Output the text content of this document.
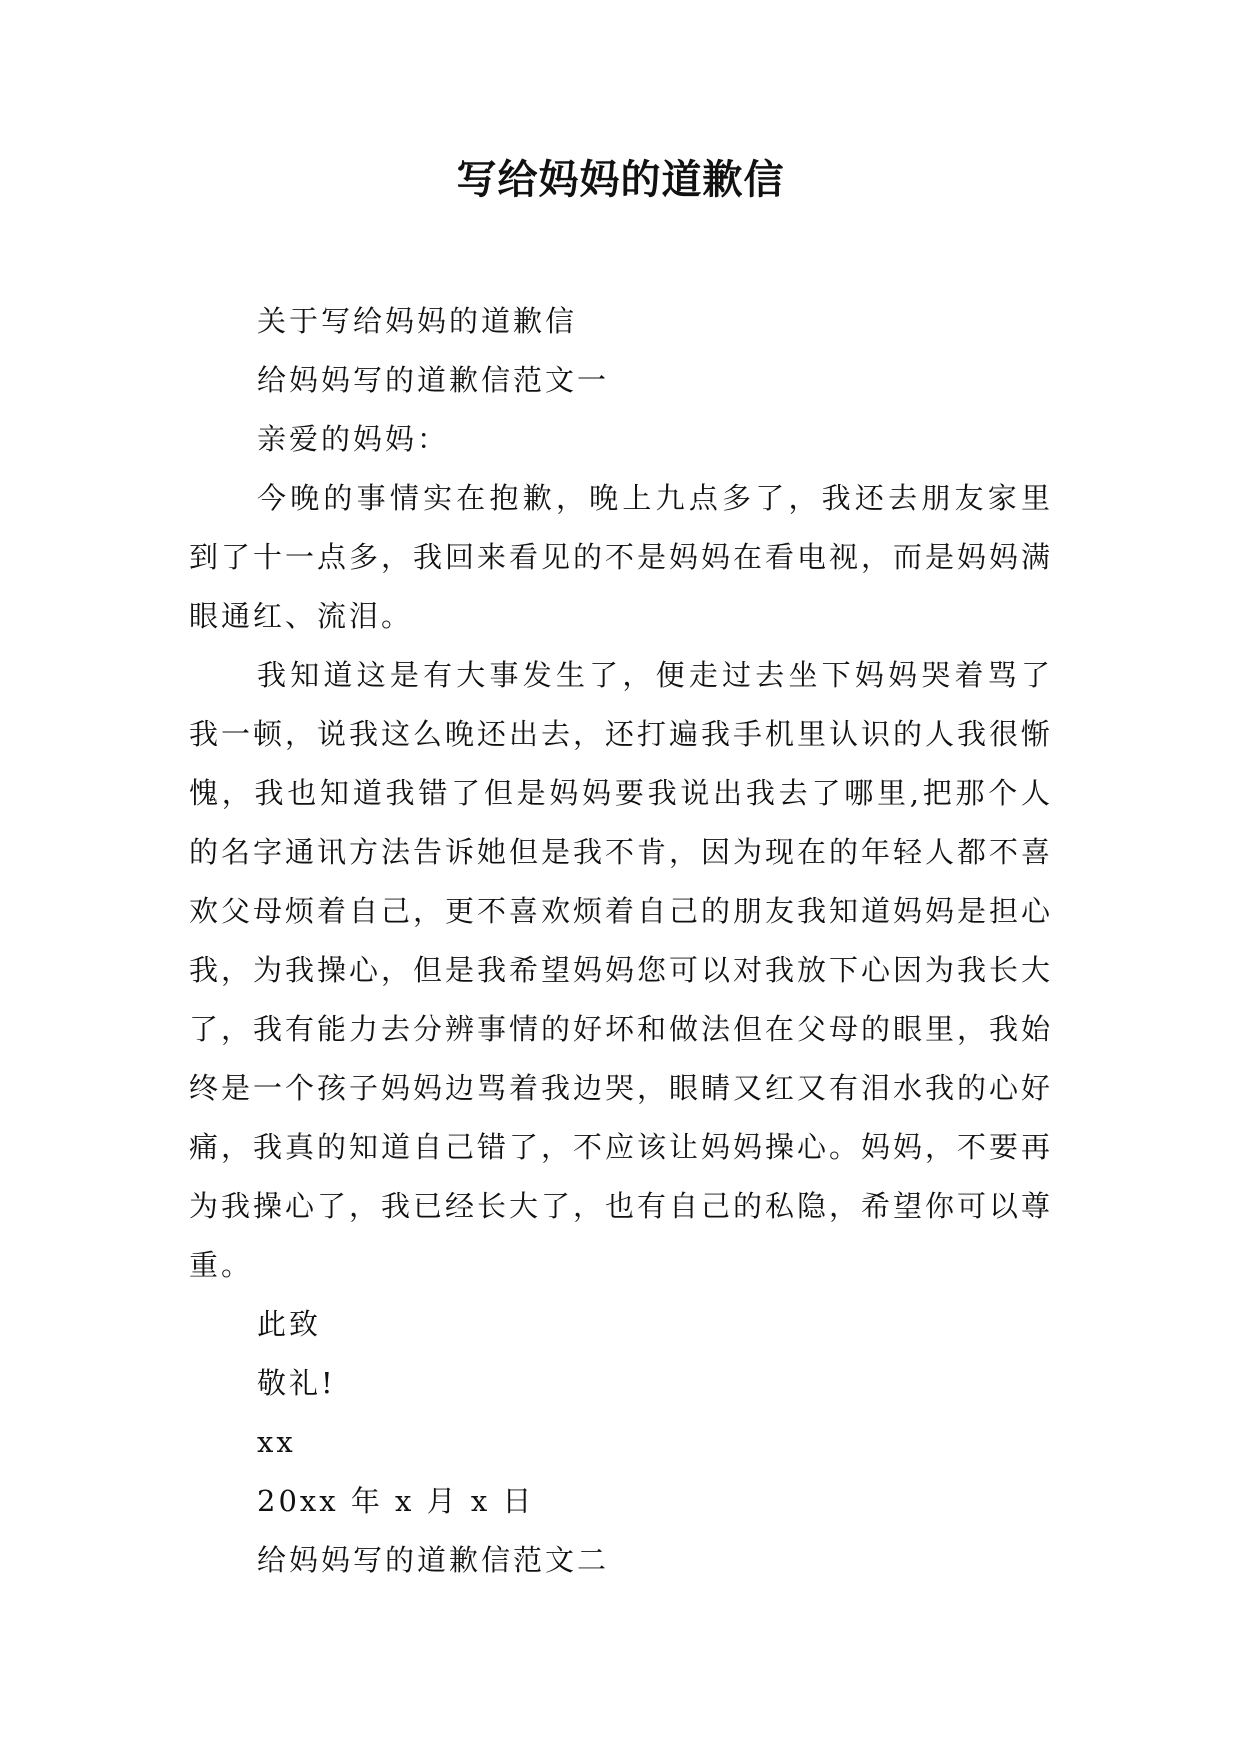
写给妈妈的道歉信

关于写给妈妈的道歉信

给妈妈写的道歉信范文一

亲爱的妈妈：

今晚的事情实在抱歉，晚上九点多了，我还去朋友家里到了十一点多，我回来看见的不是妈妈在看电视，而是妈妈满眼通红、流泪。

我知道这是有大事发生了，便走过去坐下妈妈哭着骂了我一顿，说我这么晚还出去，还打遍我手机里认识的人我很惭愧，我也知道我错了但是妈妈要我说出我去了哪里,把那个人的名字通讯方法告诉她但是我不肯，因为现在的年轻人都不喜欢父母烦着自己，更不喜欢烦着自己的朋友我知道妈妈是担心我，为我操心，但是我希望妈妈您可以对我放下心因为我长大了，我有能力去分辨事情的好坏和做法但在父母的眼里，我始终是一个孩子妈妈边骂着我边哭，眼睛又红又有泪水我的心好痛，我真的知道自己错了，不应该让妈妈操心。妈妈，不要再为我操心了，我已经长大了，也有自己的私隐，希望你可以尊重。

此致

敬礼!

xx

20xx 年 x 月 x 日

给妈妈写的道歉信范文二
